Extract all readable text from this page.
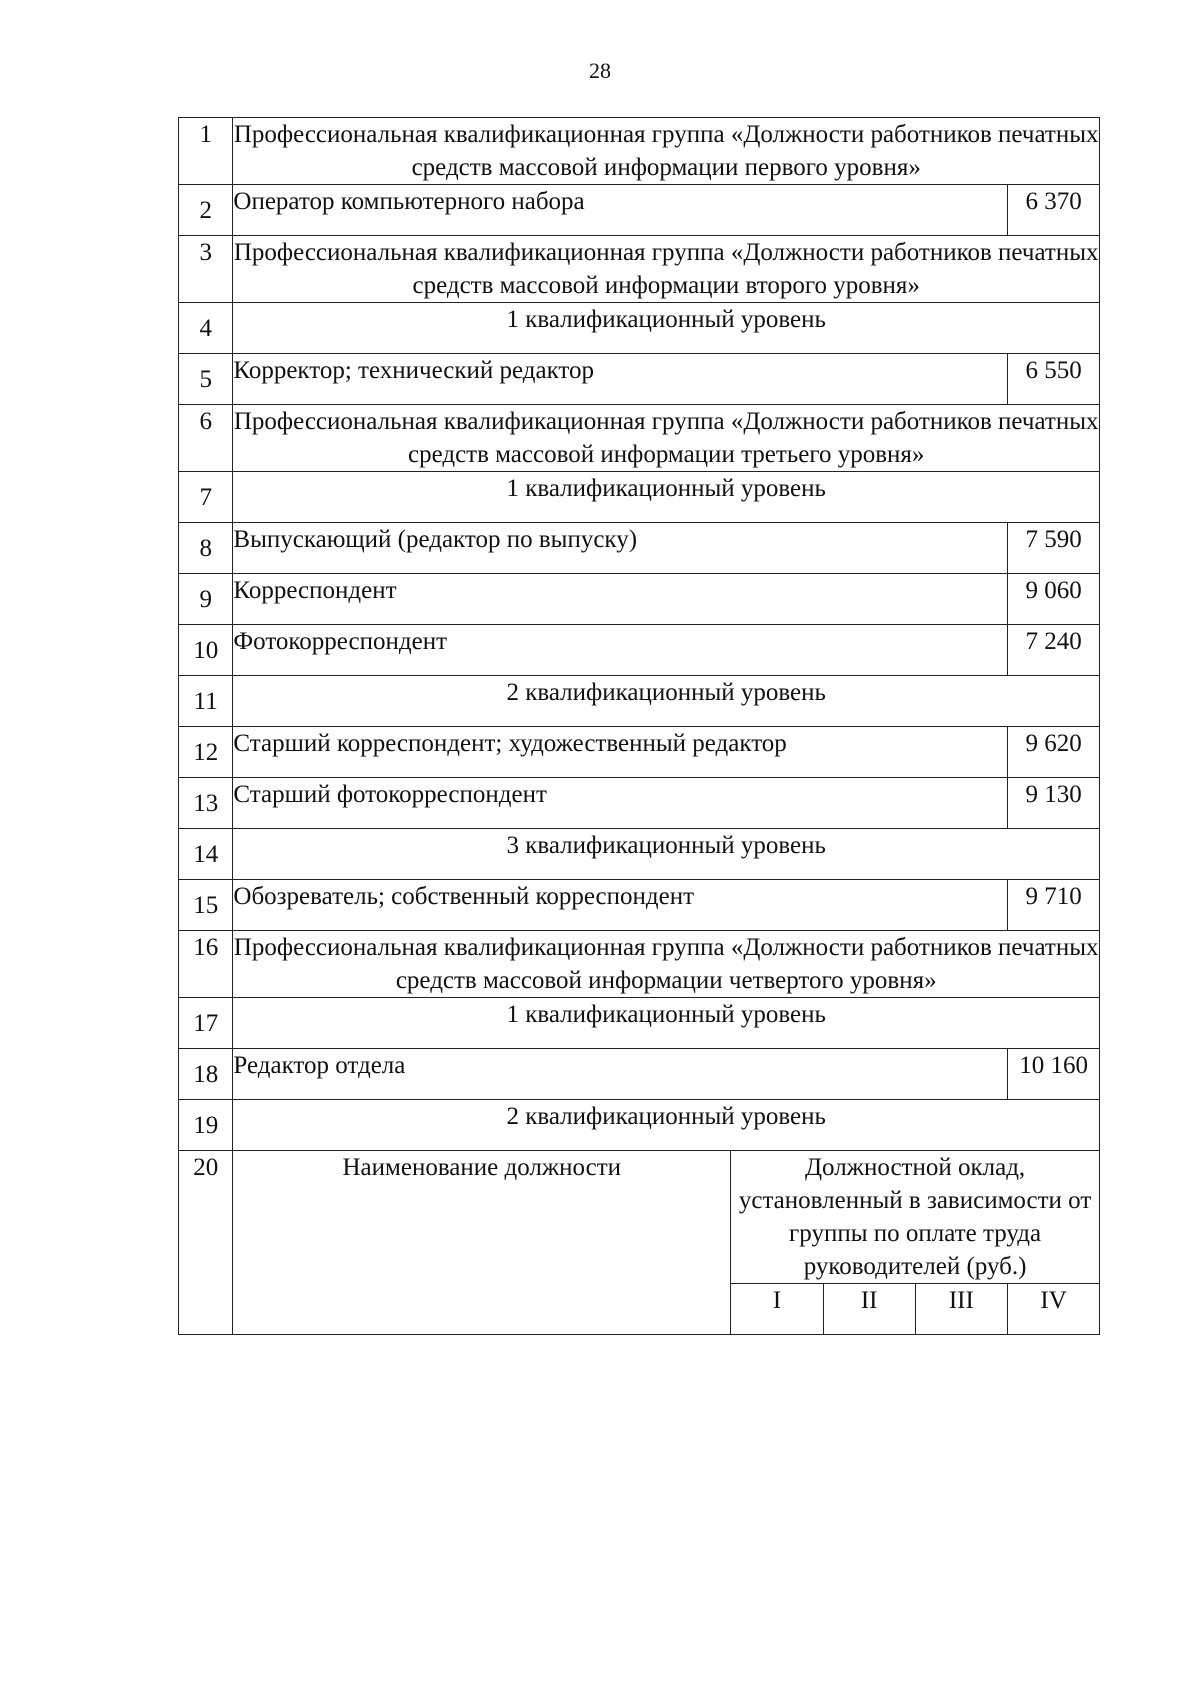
28
1	Профессиональная квалификационная группа «Должности работников печатных средств массовой информации первого уровня»				
2	Оператор компьютерного набора				6 370
3	Профессиональная квалификационная группа «Должности работников печатных средств массовой информации второго уровня»				
4	1 квалификационный уровень				
5	Корректор; технический редактор				6 550
6	Профессиональная квалификационная группа «Должности работников печатных средств массовой информации третьего уровня»				
7	1 квалификационный уровень				
8	Выпускающий (редактор по выпуску)				7 590
9	Корреспондент				9 060
10	Фотокорреспондент				7 240
11	2 квалификационный уровень				
12	Старший корреспондент; художественный редактор				9 620
13	Старший фотокорреспондент				9 130
14	3 квалификационный уровень				
15	Обозреватель; собственный корреспондент				9 710
16	Профессиональная квалификационная группа «Должности работников печатных средств массовой информации четвертого уровня»				
17	1 квалификационный уровень				
18	Редактор отдела				10 160
19	2 квалификационный уровень				
20	Наименование должности	Должностной оклад, установленный в зависимости от группы по оплате труда руководителей (руб.)			
		I	II	III	IV
